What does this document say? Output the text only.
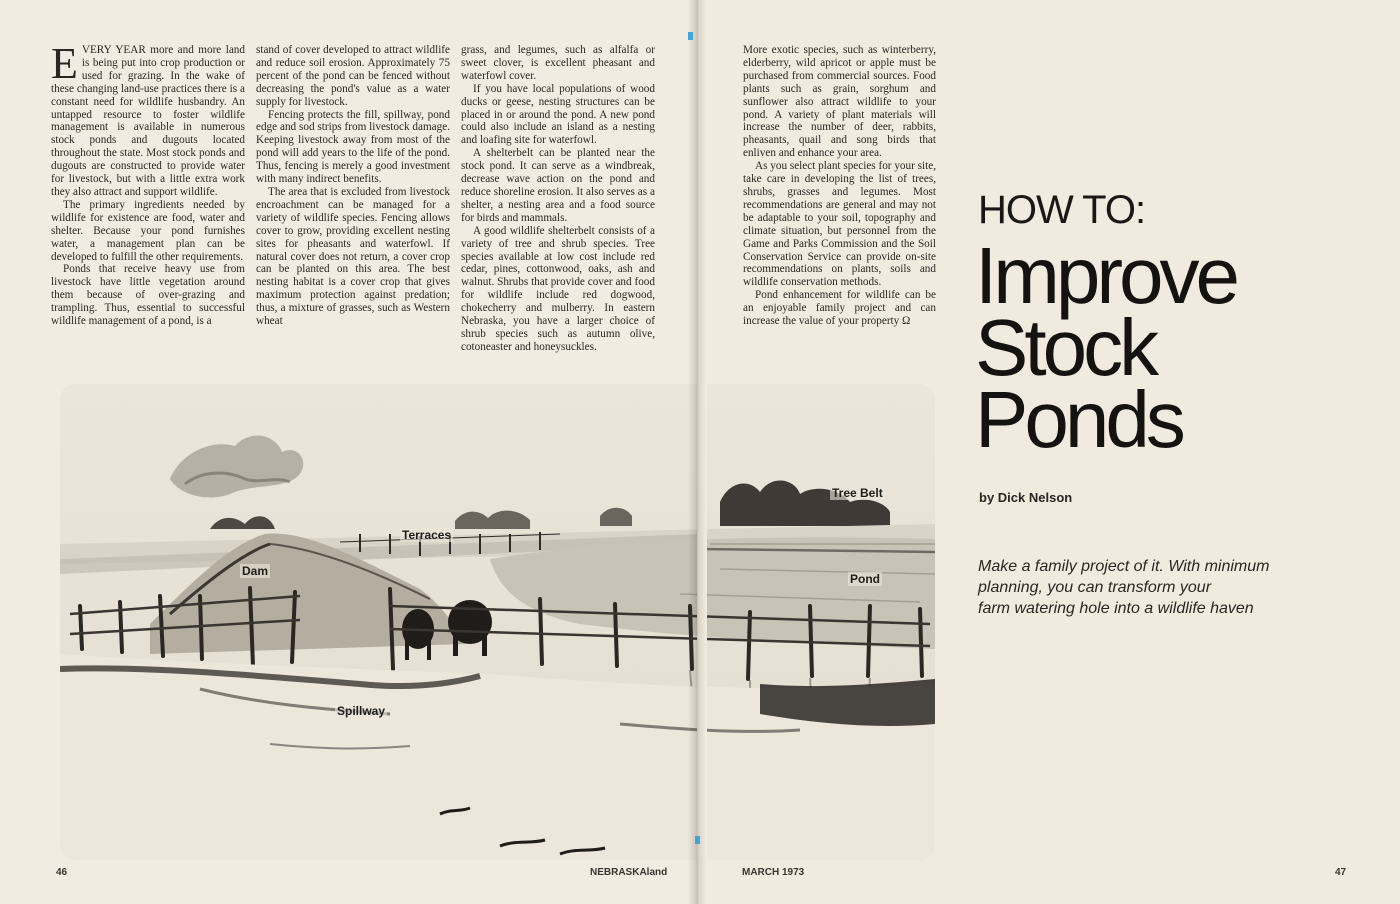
E VERY YEAR more and more land is being put into crop production or used for grazing. In the wake of these changing land-use practices there is a constant need for wildlife husbandry. An untapped resource to foster wildlife management is available in numerous stock ponds and dugouts located throughout the state. Most stock ponds and dugouts are constructed to provide water for livestock, but with a little extra work they also attract and support wildlife.

The primary ingredients needed by wildlife for existence are food, water and shelter. Because your pond furnishes water, a management plan can be developed to fulfill the other requirements.

Ponds that receive heavy use from livestock have little vegetation around them because of over-grazing and trampling. Thus, essential to successful wildlife management of a pond, is a

stand of cover developed to attract wildlife and reduce soil erosion. Approximately 75 percent of the pond can be fenced without decreasing the pond's value as a water supply for livestock.

Fencing protects the fill, spillway, pond edge and sod strips from livestock damage. Keeping livestock away from most of the pond will add years to the life of the pond. Thus, fencing is merely a good investment with many indirect benefits.

The area that is excluded from livestock encroachment can be managed for a variety of wildlife species. Fencing allows cover to grow, providing excellent nesting sites for pheasants and waterfowl. If natural cover does not return, a cover crop can be planted on this area. The best nesting habitat is a cover crop that gives maximum protection against predation; thus, a mixture of grasses, such as Western wheat

grass, and legumes, such as alfalfa or sweet clover, is excellent pheasant and waterfowl cover.

If you have local populations of wood ducks or geese, nesting structures can be placed in or around the pond. A new pond could also include an island as a nesting and loafing site for waterfowl.

A shelterbelt can be planted near the stock pond. It can serve as a windbreak, decrease wave action on the pond and reduce shoreline erosion. It also serves as a shelter, a nesting area and a food source for birds and mammals.

A good wildlife shelterbelt consists of a variety of tree and shrub species. Tree species available at low cost include red cedar, pines, cottonwood, oaks, ash and walnut. Shrubs that provide cover and food for wildlife include red dogwood, chokecherry and mulberry. In eastern Nebraska, you have a larger choice of shrub species such as autumn olive, cotoneaster and honeysuckles.

More exotic species, such as winterberry, elderberry, wild apricot or apple must be purchased from commercial sources. Food plants such as grain, sorghum and sunflower also attract wildlife to your pond. A variety of plant materials will increase the number of deer, rabbits, pheasants, quail and song birds that enliven and enhance your area.

As you select plant species for your site, take care in developing the list of trees, shrubs, grasses and legumes. Most recommendations are general and may not be adaptable to your soil, topography and climate situation, but personnel from the Game and Parks Commission and the Soil Conservation Service can provide on-site recommendations on plants, soils and wildlife conservation methods.

Pond enhancement for wildlife can be an enjoyable family project and can increase the value of your property Ω

Terraces
Dam
Spillway
Tree Belt
Pond
HOW TO:
Improve
Stock
Ponds
by Dick Nelson
Make a family project of it. With minimum
planning, you can transform your
farm watering hole into a wildlife haven
46	NEBRASKAland	MARCH 1973	47
